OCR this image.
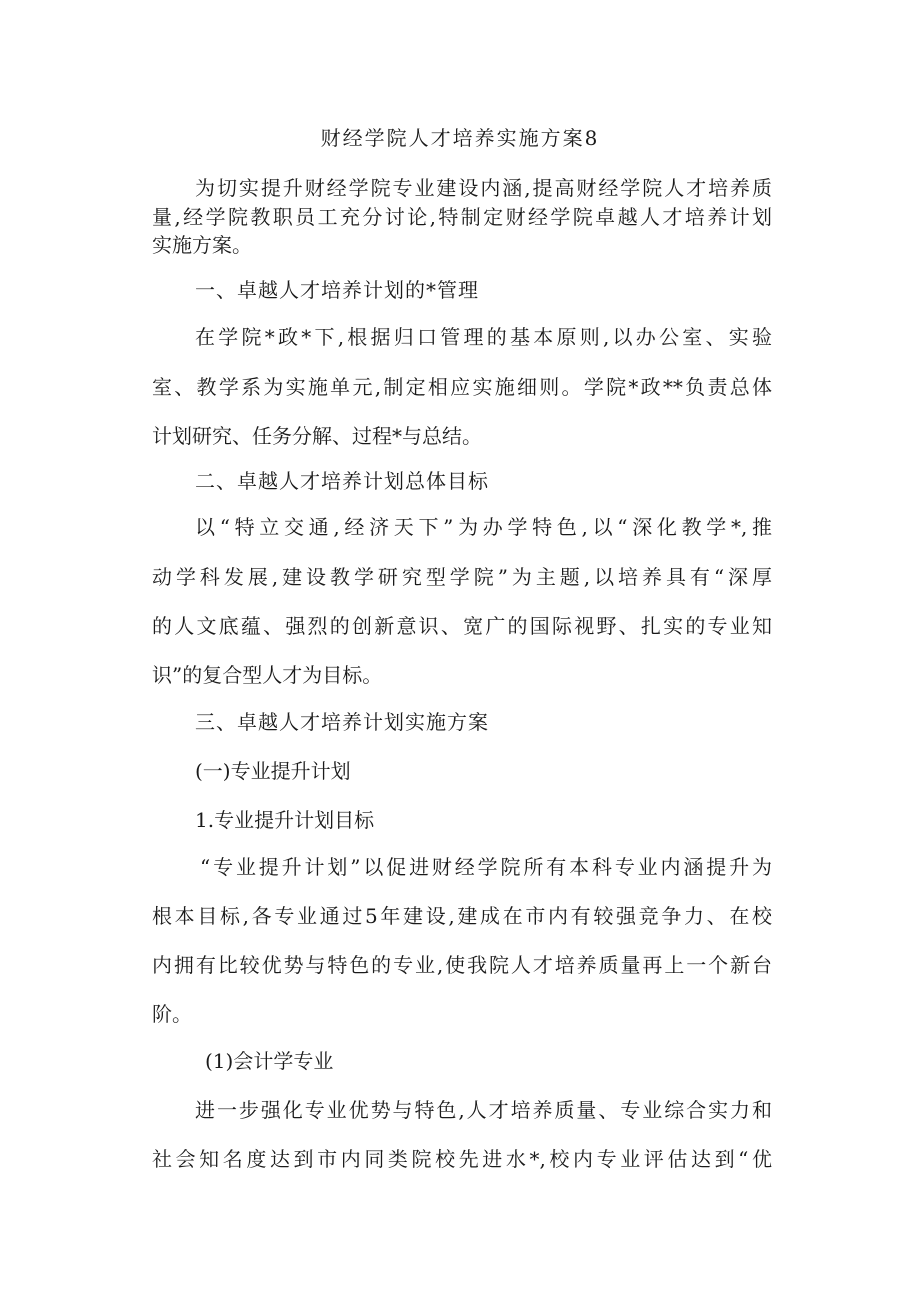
财经学院人才培养实施方案8
为切实提升财经学院专业建设内涵,提高财经学院人才培养质
量,经学院教职员工充分讨论,特制定财经学院卓越人才培养计划
实施方案。
一、卓越人才培养计划的*管理
在学院*政*下,根据归口管理的基本原则,以办公室、实验
室、教学系为实施单元,制定相应实施细则。学院*政**负责总体
计划研究、任务分解、过程*与总结。
二、卓越人才培养计划总体目标
以“特立交通,经济天下”为办学特色,以“深化教学*,推
动学科发展,建设教学研究型学院”为主题,以培养具有“深厚
的人文底蕴、强烈的创新意识、宽广的国际视野、扎实的专业知
识”的复合型人才为目标。
三、卓越人才培养计划实施方案
(一)专业提升计划
1.专业提升计划目标
“专业提升计划”以促进财经学院所有本科专业内涵提升为
根本目标,各专业通过5年建设,建成在市内有较强竞争力、在校
内拥有比较优势与特色的专业,使我院人才培养质量再上一个新台
阶。
(1)会计学专业
进一步强化专业优势与特色,人才培养质量、专业综合实力和
社会知名度达到市内同类院校先进水*,校内专业评估达到“优
